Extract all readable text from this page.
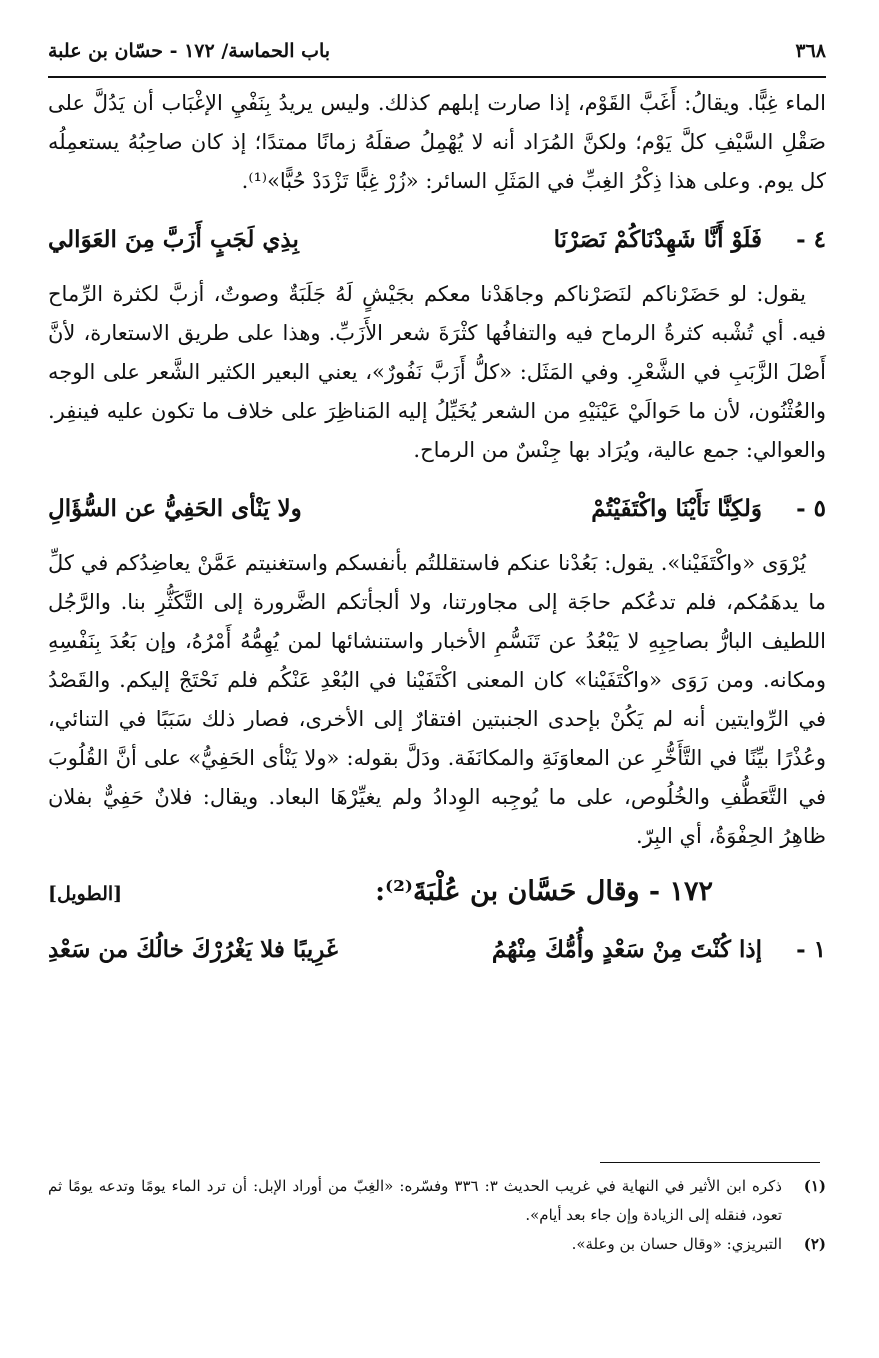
٣٦٨
باب الحماسة/ ١٧٢ - حسّان بن علبة

الماء غِبًّا. ويقالُ: أَغَبَّ القَوْم، إذا صارت إبلهم كذلك. وليس يريدُ بِنَفْيِ الإغْبَاب أن يَدُلَّ على صَقْلِ السَّيْفِ كلَّ يَوْم؛ ولكنَّ المُرَاد أنه لا يُهْمِلُ صقلَهُ زمانًا ممتدًا؛ إذ كان صاحِبُهُ يستعمِلُه كل يوم. وعلى هذا ذِكْرُ الغِبِّ في المَثَلِ السائر: «زُرْ غِبًّا تَزْدَدْ حُبًّا»⁽¹⁾.

٤ -
فَلَوْ أَنَّا شَهِدْنَاكُمْ نَصَرْنَا
بِذِي لَجَبٍ أَزَبَّ مِنَ العَوَالي

يقول: لو حَضَرْناكم لنَصَرْناكم وجاهَدْنا معكم بجَيْشٍ لَهُ جَلَبَةٌ وصوتٌ، أزبَّ لكثرة الرِّماح فيه. أي تُشْبه كثرةُ الرماح فيه والتفافُها كثْرَةَ شعر الأَزَبِّ. وهذا على طريق الاستعارة، لأنَّ أَصْلَ الزَّبَبِ في الشَّعْرِ. وفي المَثَل: «كلُّ أَزَبَّ نَفُورٌ»، يعني البعير الكثير الشَّعر على الوجه والعُثْنُون، لأن ما حَوالَيْ عَيْنَيْهِ من الشعر يُخَيِّلُ إليه المَناظِرَ على خلاف ما تكون عليه فينفِر. والعوالي: جمع عالية، ويُرَاد بها جِنْسٌ من الرماح.

٥ -
وَلكِنَّا نَأَيْنَا واكْتَفَيْتُمْ
ولا يَنْأى الحَفِيُّ عن السُّؤَالِ

يُرْوَى «واكْتَفَيْنا». يقول: بَعُدْنا عنكم فاستقللتُم بأنفسكم واستغنيتم عَمَّنْ يعاضِدُكم في كلِّ ما يدهَمُكم، فلم تدعُكم حاجَة إلى مجاورتنا، ولا ألجأتكم الضَّرورة إلى التَّكَثُّرِ بنا. والرَّجُل اللطيف البارُّ بصاحِبِهِ لا يَبْعُدُ عن تَنَسُّمِ الأخبار واستنشائها لمن يُهِمُّهُ أَمْرُهُ، وإن بَعُدَ بِنَفْسِهِ ومكانه. ومن رَوَى «واكْتَفَيْنا» كان المعنى اكْتَفَيْنا في البُعْدِ عَنْكُم فلم نَحْتَجْ إليكم. والقَصْدُ في الرِّوايتين أنه لم يَكُنْ بإحدى الجنبتين افتقارٌ إلى الأخرى، فصار ذلك سَبَبًا في التنائي، وعُذْرًا بيِّنًا في التَّأَخُّرِ عن المعاوَنَةِ والمكانَفَة. ودَلَّ بقوله: «ولا يَنْأى الحَفِيُّ» على أنَّ القُلُوبَ في التَّعَطُّفِ والخُلُوص، على ما يُوجِبه الوِدادُ ولم يغيِّرْهَا البعاد. ويقال: فلانٌ حَفِيٌّ بفلان ظاهِرُ الحِفْوَةُ، أي البِرّ.

١٧٢ - وقال حَسَّان بن عُلْبَةَ⁽²⁾:
[الطويل]
١ -
إذا كُنْتَ مِنْ سَعْدٍ وأُمُّكَ مِنْهُمُ
غَرِيبًا فلا يَغْرُرْكَ خالُكَ من سَعْدِ
(١)
ذكره ابن الأثير في النهاية في غريب الحديث ٣: ٣٣٦ وفسّره: «الغِبّ من أوراد الإبل: أن ترد الماء يومًا وتدعه يومًا ثم تعود، فنقله إلى الزيادة وإن جاء بعد أيام».
(٢)
التبريزي: «وقال حسان بن وعلة».
